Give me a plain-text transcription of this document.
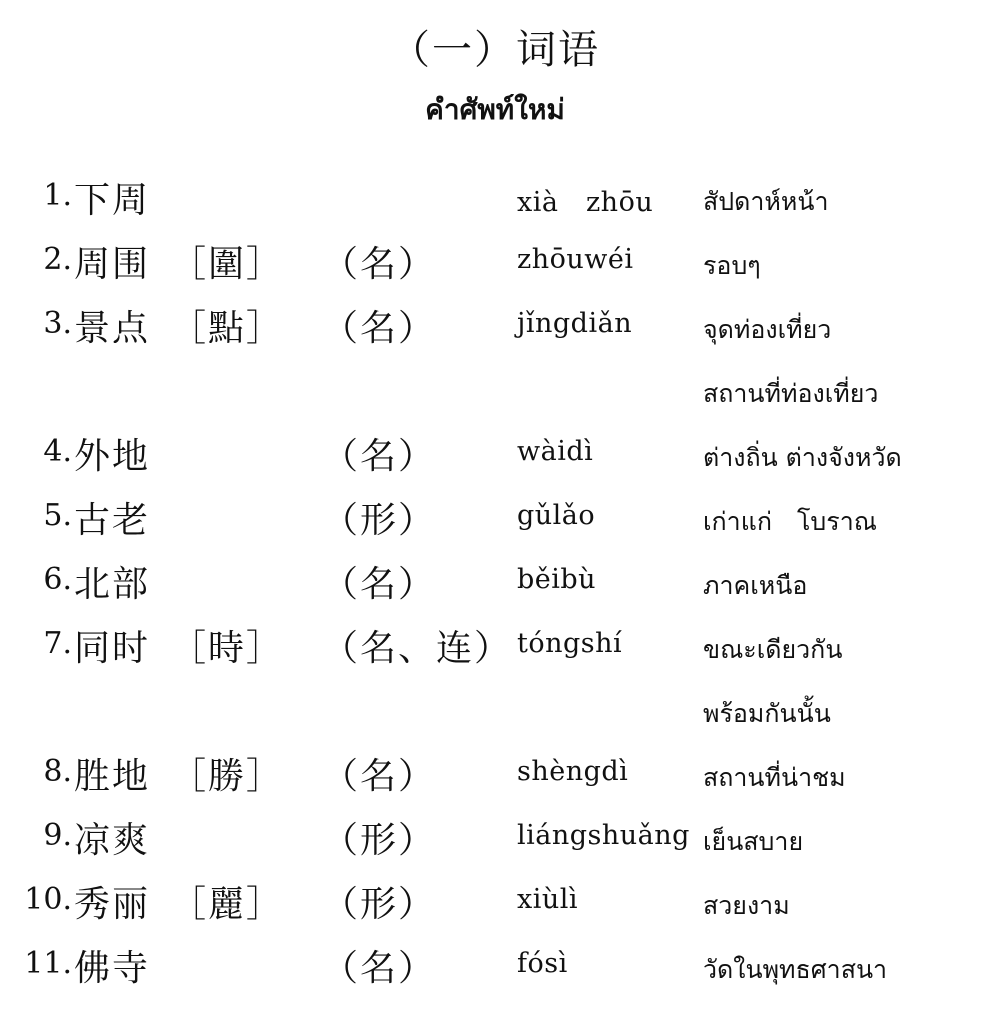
（一）词语
คำศัพท์ใหม่
1. 下周	xià　zhōu สัปดาห์หน้า
2. 周围 ［圍］ （名）	zhōuwéi	รอบๆ
3. 景点 ［點］ （名）	jǐngdiǎn	จุดท่องเที่ยว
สถานที่ท่องเที่ยว
4. 外地	（名）	wàidì	ต่างถิ่น ต่างจังหวัด
5. 古老	（形）	gǔlǎo	เก่าแก่　โบราณ
6. 北部	（名）	běibù	ภาคเหนือ
7. 同时 ［時］ （名、连） tóngshí	ขณะเดียวกัน
พร้อมกันนั้น
8. 胜地 ［勝］ （名）	shèngdì	สถานที่น่าชม
9. 凉爽	（形）	liángshuǎng เย็นสบาย
10. 秀丽 ［麗］ （形）	xiùlì	สวยงาม
11. 佛寺	（名）	fósì	วัดในพุทธศาสนา
